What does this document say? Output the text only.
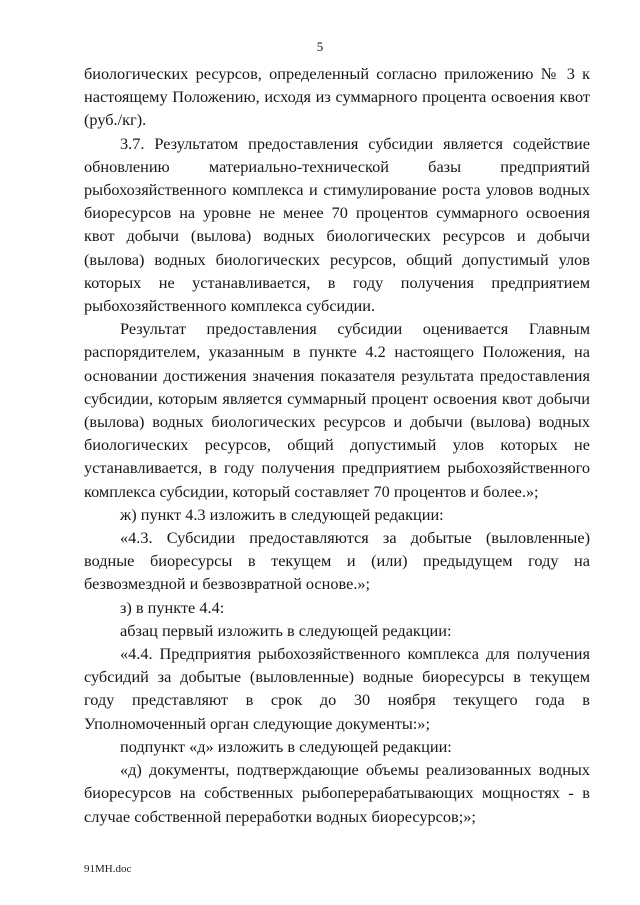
5

биологических ресурсов, определенный согласно приложению № 3 к настоящему Положению, исходя из суммарного процента освоения квот (руб./кг).

3.7. Результатом предоставления субсидии является содействие обновлению материально-технической базы предприятий рыбохозяйственного комплекса и стимулирование роста уловов водных биоресурсов на уровне не менее 70 процентов суммарного освоения квот добычи (вылова) водных биологических ресурсов и добычи (вылова) водных биологических ресурсов, общий допустимый улов которых не устанавливается, в году получения предприятием рыбохозяйственного комплекса субсидии.

Результат предоставления субсидии оценивается Главным распорядителем, указанным в пункте 4.2 настоящего Положения, на основании достижения значения показателя результата предоставления субсидии, которым является суммарный процент освоения квот добычи (вылова) водных биологических ресурсов и добычи (вылова) водных биологических ресурсов, общий допустимый улов которых не устанавливается, в году получения предприятием рыбохозяйственного комплекса субсидии, который составляет 70 процентов и более.»;

ж) пункт 4.3 изложить в следующей редакции:

«4.3. Субсидии предоставляются за добытые (выловленные) водные биоресурсы в текущем и (или) предыдущем году на безвозмездной и безвозвратной основе.»;

з) в пункте 4.4:

абзац первый изложить в следующей редакции:

«4.4. Предприятия рыбохозяйственного комплекса для получения субсидий за добытые (выловленные) водные биоресурсы в текущем году представляют в срок до 30 ноября текущего года в Уполномоченный орган следующие документы:»;

подпункт «д» изложить в следующей редакции:

«д) документы, подтверждающие объемы реализованных водных биоресурсов на собственных рыбоперерабатывающих мощностях - в случае собственной переработки водных биоресурсов;»;

91МН.doc
